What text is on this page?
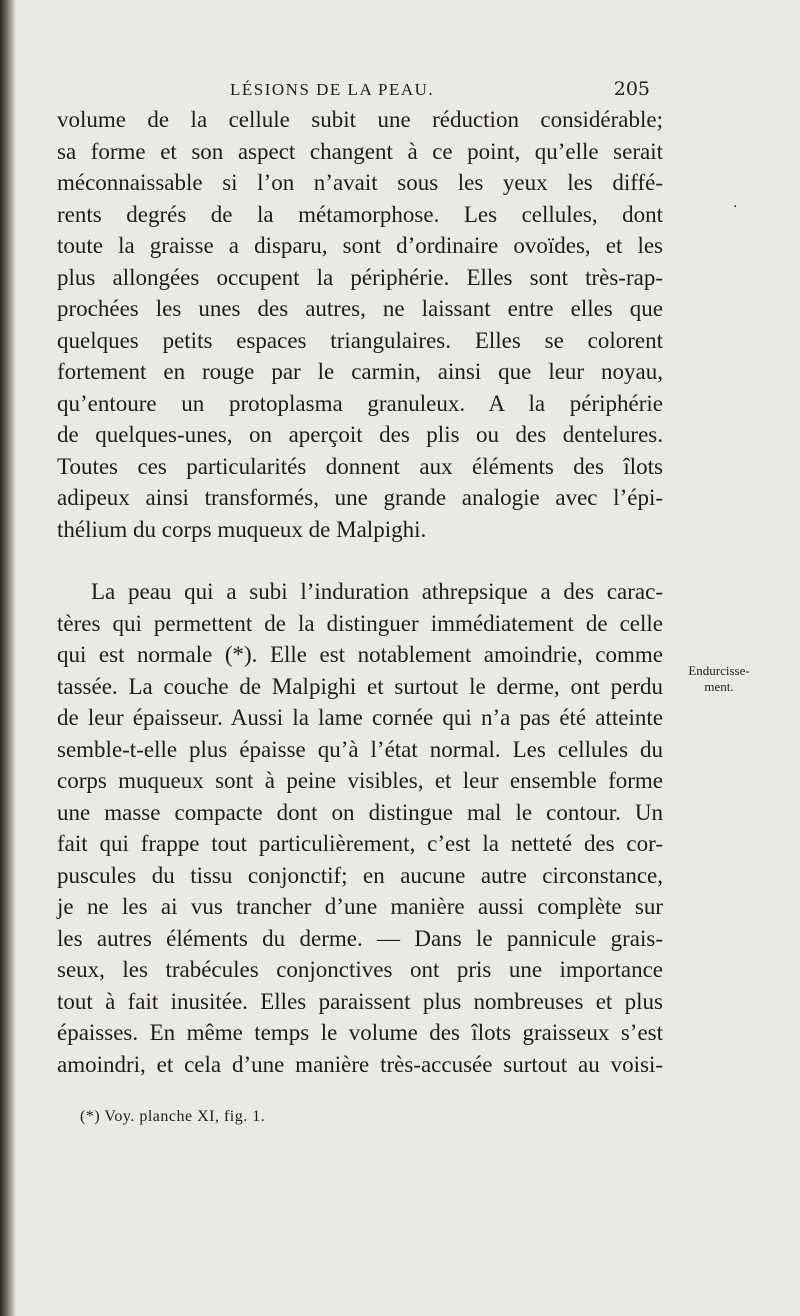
LÉSIONS DE LA PEAU.	205
.
volume de la cellule subit une réduction considérable;
sa forme et son aspect changent à ce point, qu’elle serait
méconnaissable si l’on n’avait sous les yeux les diffé-
rents degrés de la métamorphose. Les cellules, dont
toute la graisse a disparu, sont d’ordinaire ovoïdes, et les
plus allongées occupent la périphérie. Elles sont très-rap-
prochées les unes des autres, ne laissant entre elles que
quelques petits espaces triangulaires. Elles se colorent
fortement en rouge par le carmin, ainsi que leur noyau,
qu’entoure un protoplasma granuleux. A la périphérie
de quelques-unes, on aperçoit des plis ou des dentelures.
Toutes ces particularités donnent aux éléments des îlots
adipeux ainsi transformés, une grande analogie avec l’épi-
thélium du corps muqueux de Malpighi.
La peau qui a subi l’induration athrepsique a des carac-
tères qui permettent de la distinguer immédiatement de celle
qui est normale (*). Elle est notablement amoindrie, comme
tassée. La couche de Malpighi et surtout le derme, ont perdu
de leur épaisseur. Aussi la lame cornée qui n’a pas été atteinte
semble-t-elle plus épaisse qu’à l’état normal. Les cellules du
corps muqueux sont à peine visibles, et leur ensemble forme
une masse compacte dont on distingue mal le contour. Un
fait qui frappe tout particulièrement, c’est la netteté des cor-
puscules du tissu conjonctif; en aucune autre circonstance,
je ne les ai vus trancher d’une manière aussi complète sur
les autres éléments du derme. — Dans le pannicule grais-
seux, les trabécules conjonctives ont pris une importance
tout à fait inusitée. Elles paraissent plus nombreuses et plus
épaisses. En même temps le volume des îlots graisseux s’est
amoindri, et cela d’une manière très-accusée surtout au voisi-
Endurcisse-
ment.
(*) Voy. planche XI, fig. 1.
